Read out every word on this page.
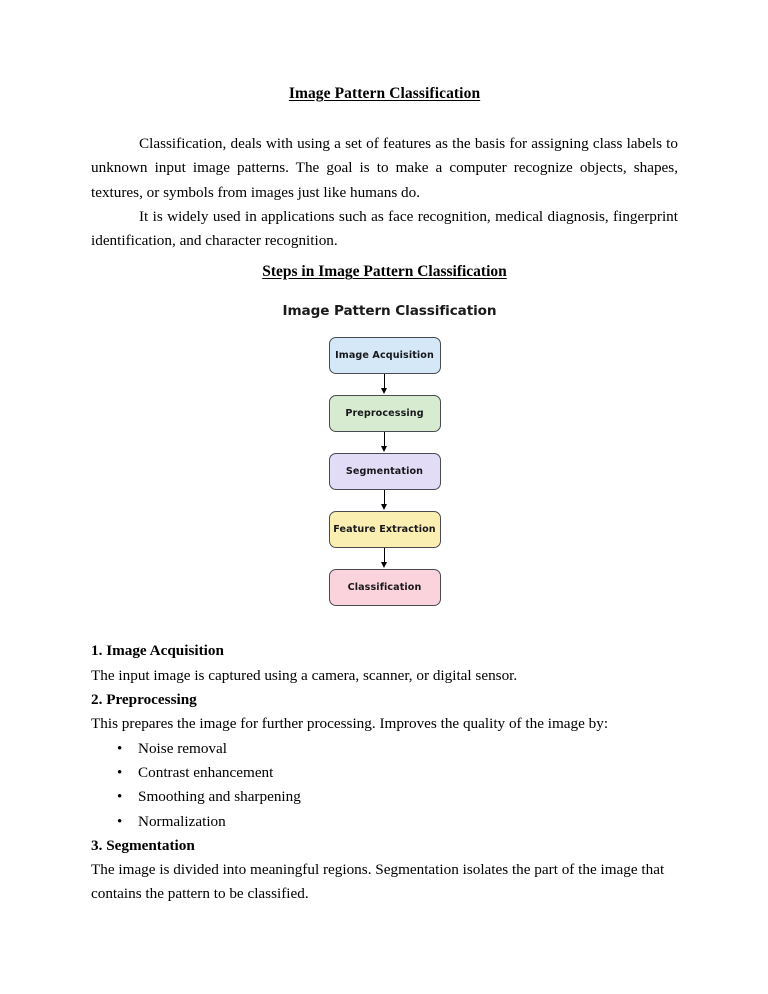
Image Pattern Classification

Classification, deals with using a set of features as the basis for assigning class labels to unknown input image patterns. The goal is to make a computer recognize objects, shapes, textures, or symbols from images just like humans do.

It is widely used in applications such as face recognition, medical diagnosis, fingerprint identification, and character recognition.

Steps in Image Pattern Classification
Image Pattern Classification
Image Acquisition
Preprocessing
Segmentation
Feature Extraction
Classification
1. Image Acquisition

The input image is captured using a camera, scanner, or digital sensor.

2. Preprocessing

This prepares the image for further processing. Improves the quality of the image by:

• Noise removal
• Contrast enhancement
• Smoothing and sharpening
• Normalization
3. Segmentation

The image is divided into meaningful regions. Segmentation isolates the part of the image that contains the pattern to be classified.
